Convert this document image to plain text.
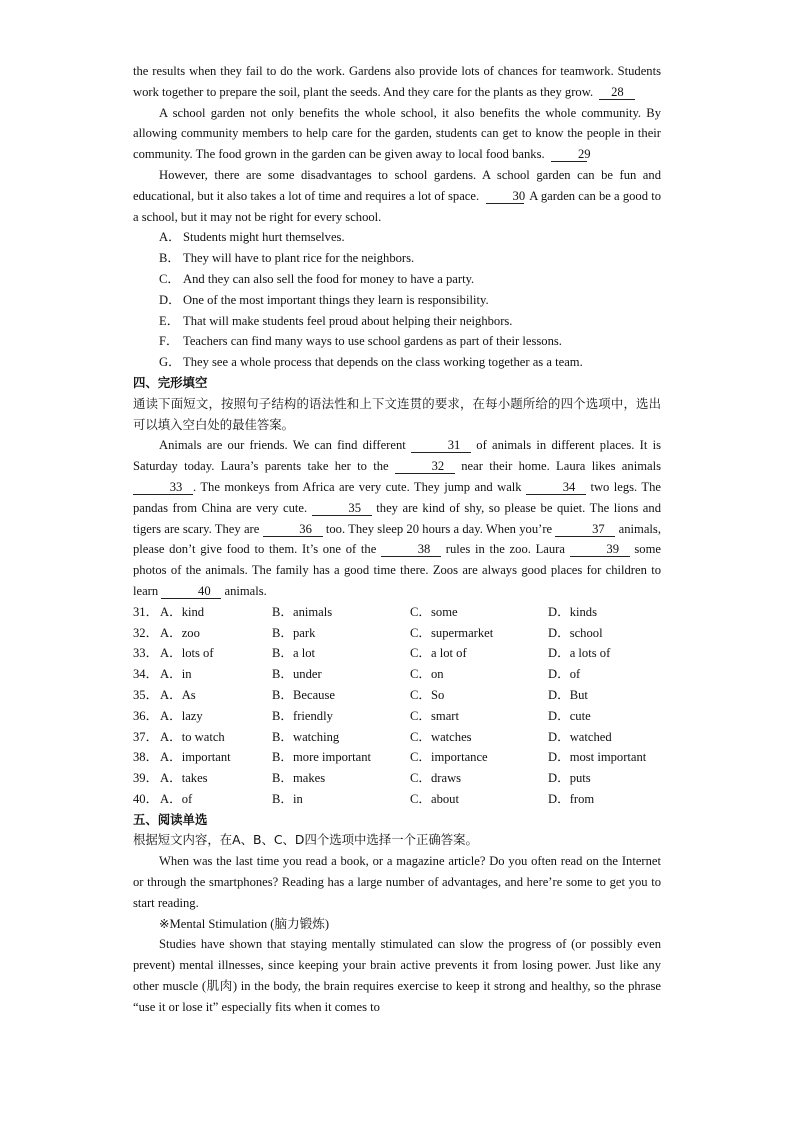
the results when they fail to do the work. Gardens also provide lots of chances for teamwork. Students work together to prepare the soil, plant the seeds. And they care for the plants as they grow. 28

A school garden not only benefits the whole school, it also benefits the whole community. By allowing community members to help care for the garden, students can get to know the people in their community. The food grown in the garden can be given away to local food banks.	29

However, there are some disadvantages to school gardens. A school garden can be fun and educational, but it also takes a lot of time and requires a lot of space.	30 A garden can be a good to a school, but it may not be right for every school.

A． Students might hurt themselves.

B． They will have to plant rice for the neighbors.

C． And they can also sell the food for money to have a party.

D． One of the most important things they learn is responsibility.

E． That will make students feel proud about helping their neighbors.

F． Teachers can find many ways to use school gardens as part of their lessons.

G． They see a whole process that depends on the class working together as a team.

四、完形填空

通读下面短文，按照句子结构的语法性和上下文连贯的要求，在每小题所给的四个选项中，选出可以填入空白处的最佳答案。

Animals are our friends. We can find different	31 of animals in different places. It is Saturday today. Laura’s parents take her to the	32 near their home. Laura likes animals 33 . The monkeys from Africa are very cute. They jump and walk	34 two legs. The pandas from China are very cute.	35 they are kind of shy, so please be quiet. The lions and tigers are scary. They are	36 too. They sleep 20 hours a day. When you’re	37 animals, please don’t give food to them. It’s one of the	38 rules in the zoo. Laura	39 some photos of the animals. The family has a good time there. Zoos are always good places for children to learn	40 animals.

31． A．kind	B．animals	C．some	D．kinds
32． A．zoo	B．park	C．supermarket	D．school
33． A．lots of	B．a lot	C．a lot of	D．a lots of
34． A．in	B．under	C．on	D．of
35． A．As	B．Because	C．So	D．But
36． A．lazy	B．friendly	C．smart	D．cute
37． A．to watch	B．watching	C．watches	D．watched
38． A．important	B．more important	C．importance	D．most important
39． A．takes	B．makes	C．draws	D．puts
40． A．of	B．in	C．about	D．from

五、阅读单选

根据短文内容，在A、B、C、D四个选项中选择一个正确答案。

When was the last time you read a book, or a magazine article? Do you often read on the Internet or through the smartphones? Reading has a large number of advantages, and here’re some to get you to start reading.

※Mental Stimulation (脑力锻炼)

Studies have shown that staying mentally stimulated can slow the progress of (or possibly even prevent) mental illnesses, since keeping your brain active prevents it from losing power. Just like any other muscle (肌肉) in the body, the brain requires exercise to keep it strong and healthy, so the phrase “use it or lose it” especially fits when it comes to
